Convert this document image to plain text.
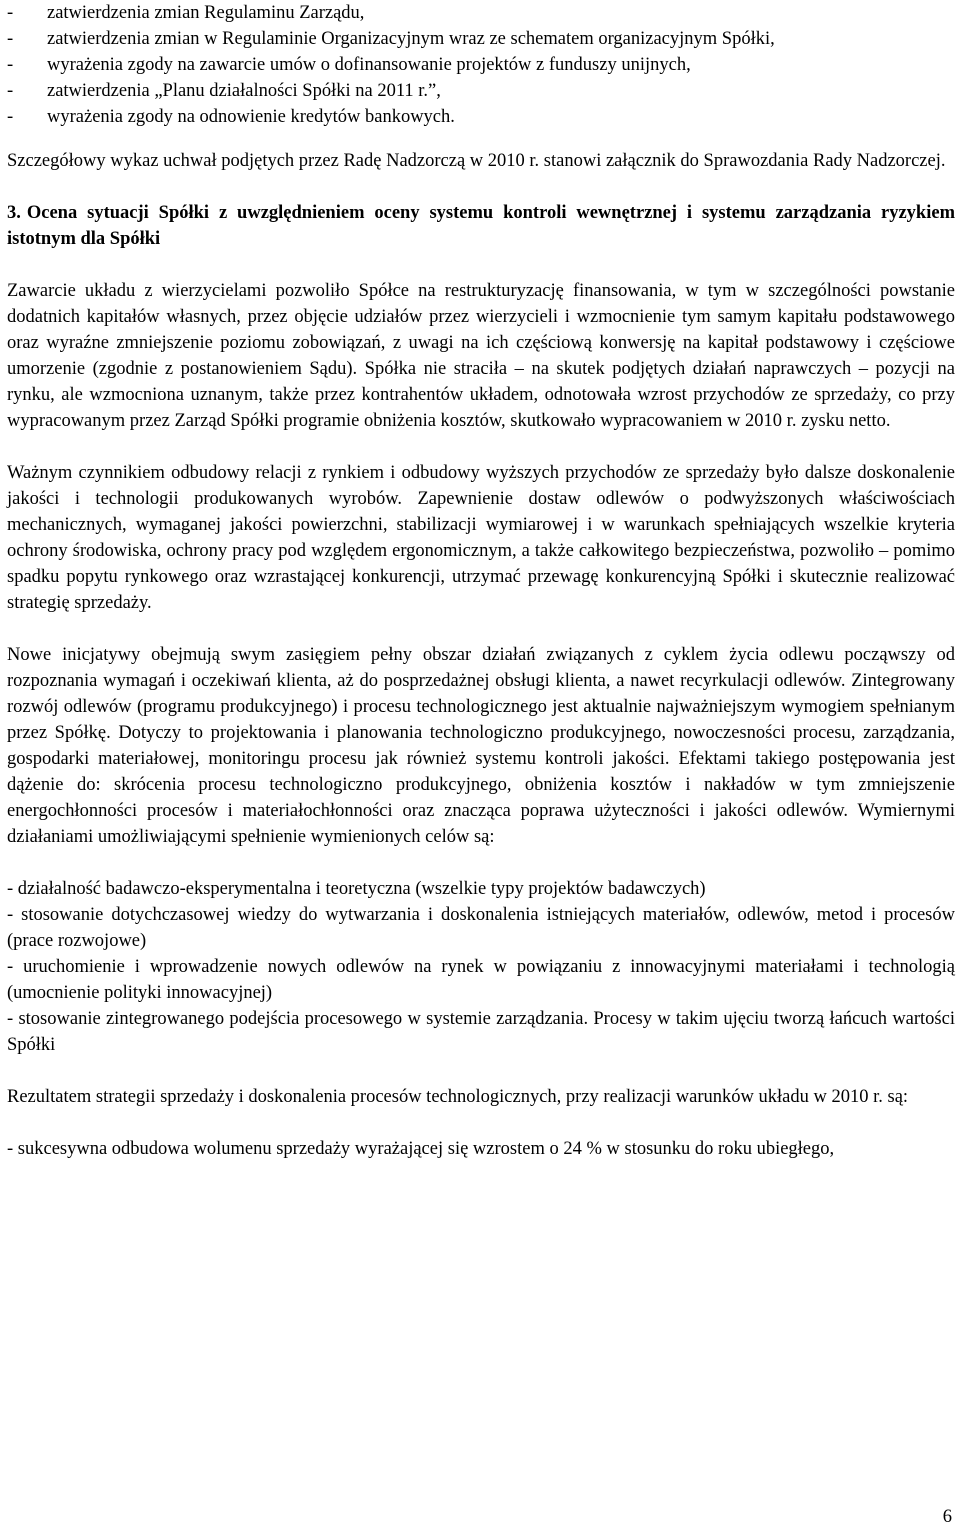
-	zatwierdzenia zmian Regulaminu Zarządu,
-	zatwierdzenia zmian w Regulaminie Organizacyjnym wraz ze schematem organizacyjnym Spółki,
-	wyrażenia zgody na zawarcie umów o dofinansowanie projektów z funduszy unijnych,
-	zatwierdzenia „Planu działalności Spółki na 2011 r.”,
-	wyrażenia zgody na odnowienie kredytów bankowych.

Szczegółowy wykaz uchwał podjętych przez Radę Nadzorczą w 2010 r. stanowi załącznik do Sprawozdania Rady Nadzorczej.

3. Ocena sytuacji Spółki z uwzględnieniem oceny systemu kontroli wewnętrznej i systemu zarządzania ryzykiem istotnym dla Spółki

Zawarcie układu z wierzycielami pozwoliło Spółce na restrukturyzację finansowania, w tym w szczególności powstanie dodatnich kapitałów własnych, przez objęcie udziałów przez wierzycieli i wzmocnienie tym samym kapitału podstawowego oraz wyraźne zmniejszenie poziomu zobowiązań, z uwagi na ich częściową konwersję na kapitał podstawowy i częściowe umorzenie (zgodnie z postanowieniem Sądu). Spółka nie straciła – na skutek podjętych działań naprawczych – pozycji na rynku, ale wzmocniona uznanym, także przez kontrahentów układem, odnotowała wzrost przychodów ze sprzedaży, co przy wypracowanym przez Zarząd Spółki programie obniżenia kosztów, skutkowało wypracowaniem w 2010 r. zysku netto.

Ważnym czynnikiem odbudowy relacji z rynkiem i odbudowy wyższych przychodów ze sprzedaży było dalsze doskonalenie jakości i technologii produkowanych wyrobów. Zapewnienie dostaw odlewów o podwyższonych właściwościach mechanicznych, wymaganej jakości powierzchni, stabilizacji wymiarowej i w warunkach spełniających wszelkie kryteria ochrony środowiska, ochrony pracy pod względem ergonomicznym, a także całkowitego bezpieczeństwa, pozwoliło – pomimo spadku popytu rynkowego oraz wzrastającej konkurencji, utrzymać przewagę konkurencyjną Spółki i skutecznie realizować strategię sprzedaży.

Nowe inicjatywy obejmują swym zasięgiem pełny obszar działań związanych z cyklem życia odlewu począwszy od rozpoznania wymagań i oczekiwań klienta, aż do posprzedażnej obsługi klienta, a nawet recyrkulacji odlewów. Zintegrowany rozwój odlewów (programu produkcyjnego) i procesu technologicznego jest aktualnie najważniejszym wymogiem spełnianym przez Spółkę. Dotyczy to projektowania i planowania technologiczno produkcyjnego, nowoczesności procesu, zarządzania, gospodarki materiałowej, monitoringu procesu jak również systemu kontroli jakości. Efektami takiego postępowania jest dążenie do: skrócenia procesu technologiczno produkcyjnego, obniżenia kosztów i nakładów w tym zmniejszenie energochłonności procesów i materiałochłonności oraz znacząca poprawa użyteczności i jakości odlewów. Wymiernymi działaniami umożliwiającymi spełnienie wymienionych celów są:

- działalność badawczo-eksperymentalna i teoretyczna (wszelkie typy projektów badawczych)
- stosowanie dotychczasowej wiedzy do wytwarzania i doskonalenia istniejących materiałów, odlewów, metod i procesów (prace rozwojowe)
- uruchomienie i wprowadzenie nowych odlewów na rynek w powiązaniu z innowacyjnymi materiałami i technologią (umocnienie polityki innowacyjnej)
- stosowanie zintegrowanego podejścia procesowego w systemie zarządzania. Procesy w takim ujęciu tworzą łańcuch wartości Spółki

Rezultatem strategii sprzedaży i doskonalenia procesów technologicznych, przy realizacji warunków układu w 2010 r. są:

- sukcesywna odbudowa wolumenu sprzedaży wyrażającej się wzrostem o 24 % w stosunku do roku ubiegłego,

6
